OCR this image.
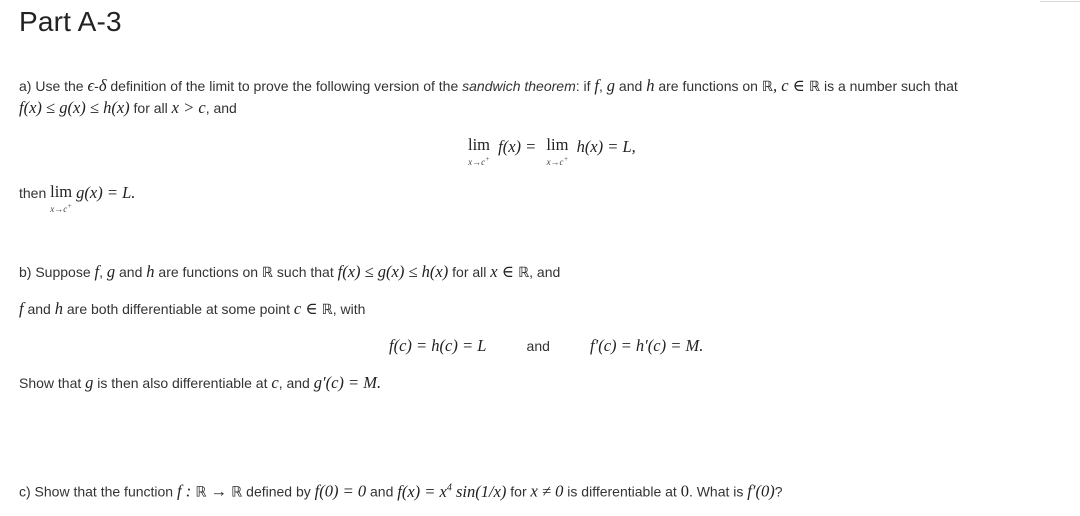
Part A-3
a) Use the ϵ-δ definition of the limit to prove the following version of the sandwich theorem: if f, g and h are functions on ℝ, c ∈ ℝ is a number such that
f(x) ≤ g(x) ≤ h(x) for all x > c, and
lim
x→c+
f(x) = lim
x→c+
h(x) = L,
then lim
x→c+
g(x) = L.
b) Suppose f, g and h are functions on ℝ such that f(x) ≤ g(x) ≤ h(x) for all x ∈ ℝ, and
f and h are both differentiable at some point c ∈ ℝ, with
f(c) = h(c) = L	and f′(c) = h′(c) = M.
Show that g is then also differentiable at c, and g′(c) = M.
c) Show that the function f : ℝ → ℝ defined by f(0) = 0 and $f(x) = x^4$ sin(1/x) for x ≠ 0 is differentiable at 0. What is f′(0)?
